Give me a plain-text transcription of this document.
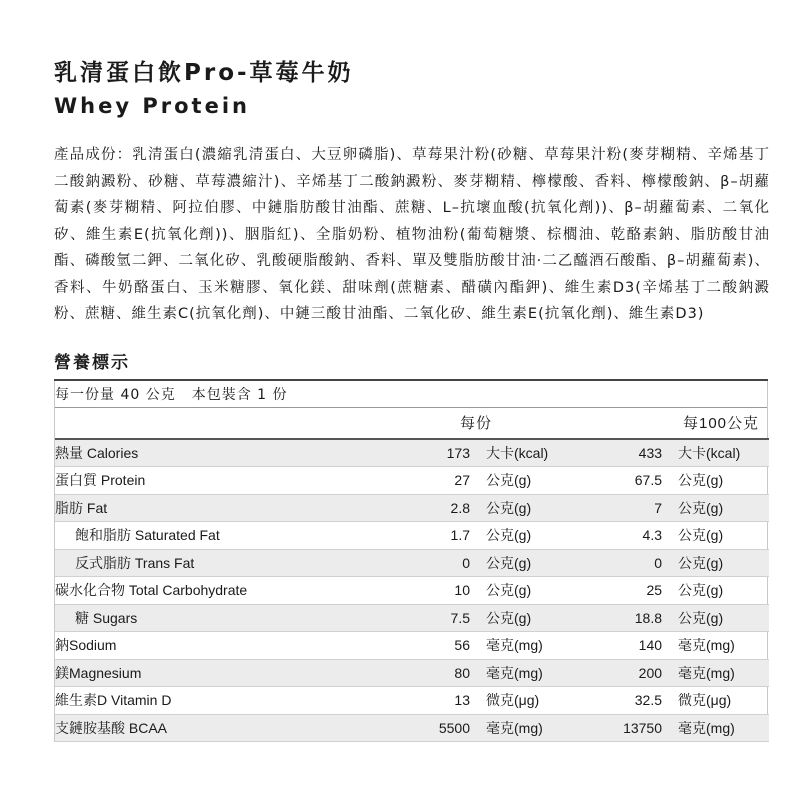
乳清蛋白飲Pro-草莓牛奶
Whey Protein
產品成份：乳清蛋白(濃縮乳清蛋白、大豆卵磷脂)、草莓果汁粉(砂糖、草莓果汁粉(麥芽糊精、辛烯基丁二酸鈉澱粉、砂糖、草莓濃縮汁)、辛烯基丁二酸鈉澱粉、麥芽糊精、檸檬酸、香料、檸檬酸鈉、β–胡蘿蔔素(麥芽糊精、阿拉伯膠、中鏈脂肪酸甘油酯、蔗糖、L–抗壞血酸(抗氧化劑))、β–胡蘿蔔素、二氧化矽、維生素E(抗氧化劑))、胭脂紅)、全脂奶粉、植物油粉(葡萄糖漿、棕櫚油、乾酪素鈉、脂肪酸甘油酯、磷酸氫二鉀、二氧化矽、乳酸硬脂酸鈉、香料、單及雙脂肪酸甘油·二乙醯酒石酸酯、β–胡蘿蔔素)、香料、牛奶酪蛋白、玉米糖膠、氧化鎂、甜味劑(蔗糖素、醋磺內酯鉀)、維生素D3(辛烯基丁二酸鈉澱粉、蔗糖、維生素C(抗氧化劑)、中鏈三酸甘油酯、二氧化矽、維生素E(抗氧化劑)、維生素D3)
營養標示
每一份量 40 公克 本包裝含 1 份
	每份		每100公克	
熱量 Calories	173	大卡(kcal)	433	大卡(kcal)
蛋白質 Protein	27	公克(g)	67.5	公克(g)
脂肪 Fat	2.8	公克(g)	7	公克(g)
飽和脂肪 Saturated Fat	1.7	公克(g)	4.3	公克(g)
反式脂肪 Trans Fat	0	公克(g)	0	公克(g)
碳水化合物 Total Carbohydrate	10	公克(g)	25	公克(g)
糖 Sugars	7.5	公克(g)	18.8	公克(g)
鈉Sodium	56	毫克(mg)	140	毫克(mg)
鎂Magnesium	80	毫克(mg)	200	毫克(mg)
維生素D Vitamin D	13	微克(μg)	32.5	微克(μg)
支鏈胺基酸 BCAA	5500	毫克(mg)	13750	毫克(mg)
